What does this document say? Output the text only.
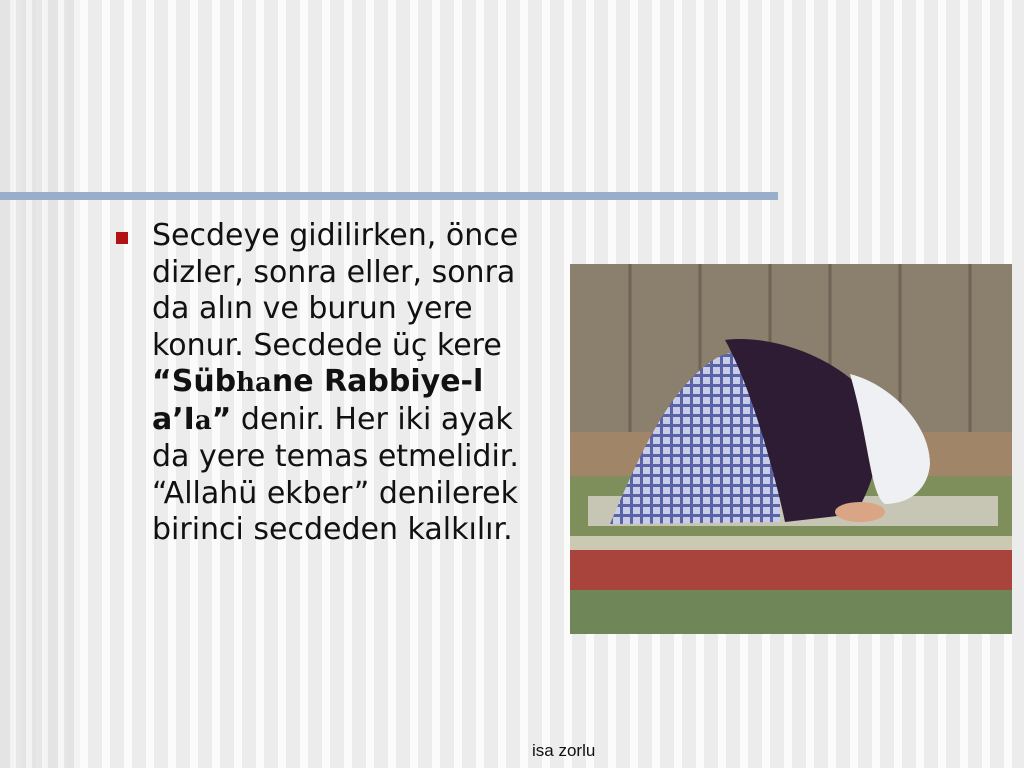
Secdeye gidilirken, önce dizler, sonra eller, sonra da alın ve burun yere konur. Secdede üç kere “Sübhane Rabbiye-l a’Ia” denir. Her iki ayak da yere temas etmelidir. “Allahü ekber” denilerek birinci secdeden kalkılır.
isa zorlu
